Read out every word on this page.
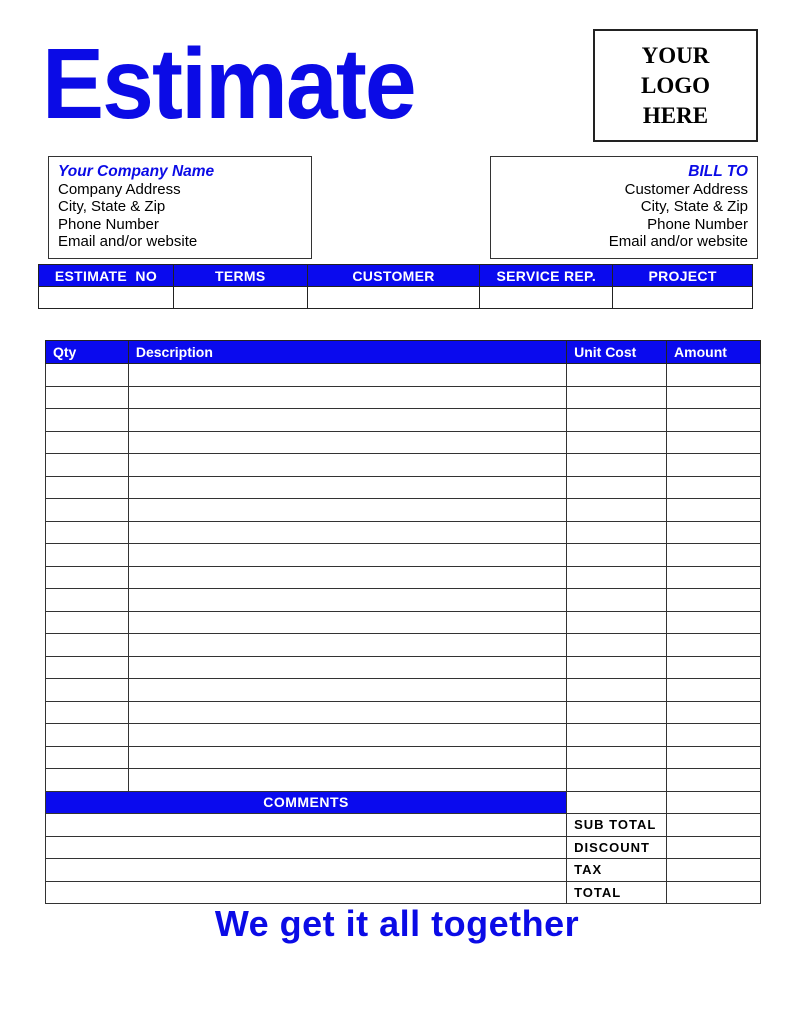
Estimate	YOUR
LOGO
HERE
Your Company Name
Company Address
City, State & Zip
Phone Number
Email and/or website
BILL TO
Customer Address
City, State & Zip
Phone Number
Email and/or website
ESTIMATE  NO	TERMS	CUSTOMER	SERVICE REP.	PROJECT

Qty	Description	Unit Cost	Amount

COMMENTS			
		SUB TOTAL	
		DISCOUNT	
		TAX	
		TOTAL	
We get it all together
